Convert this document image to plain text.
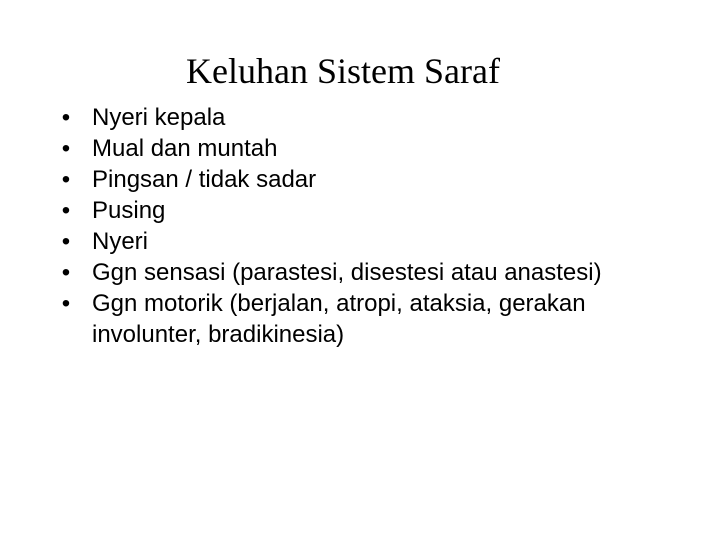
Keluhan Sistem Saraf
• Nyeri kepala
• Mual dan muntah
• Pingsan / tidak sadar
• Pusing
• Nyeri
• Ggn sensasi (parastesi, disestesi atau anastesi)
• Ggn motorik (berjalan, atropi, ataksia, gerakan involunter, bradikinesia)
